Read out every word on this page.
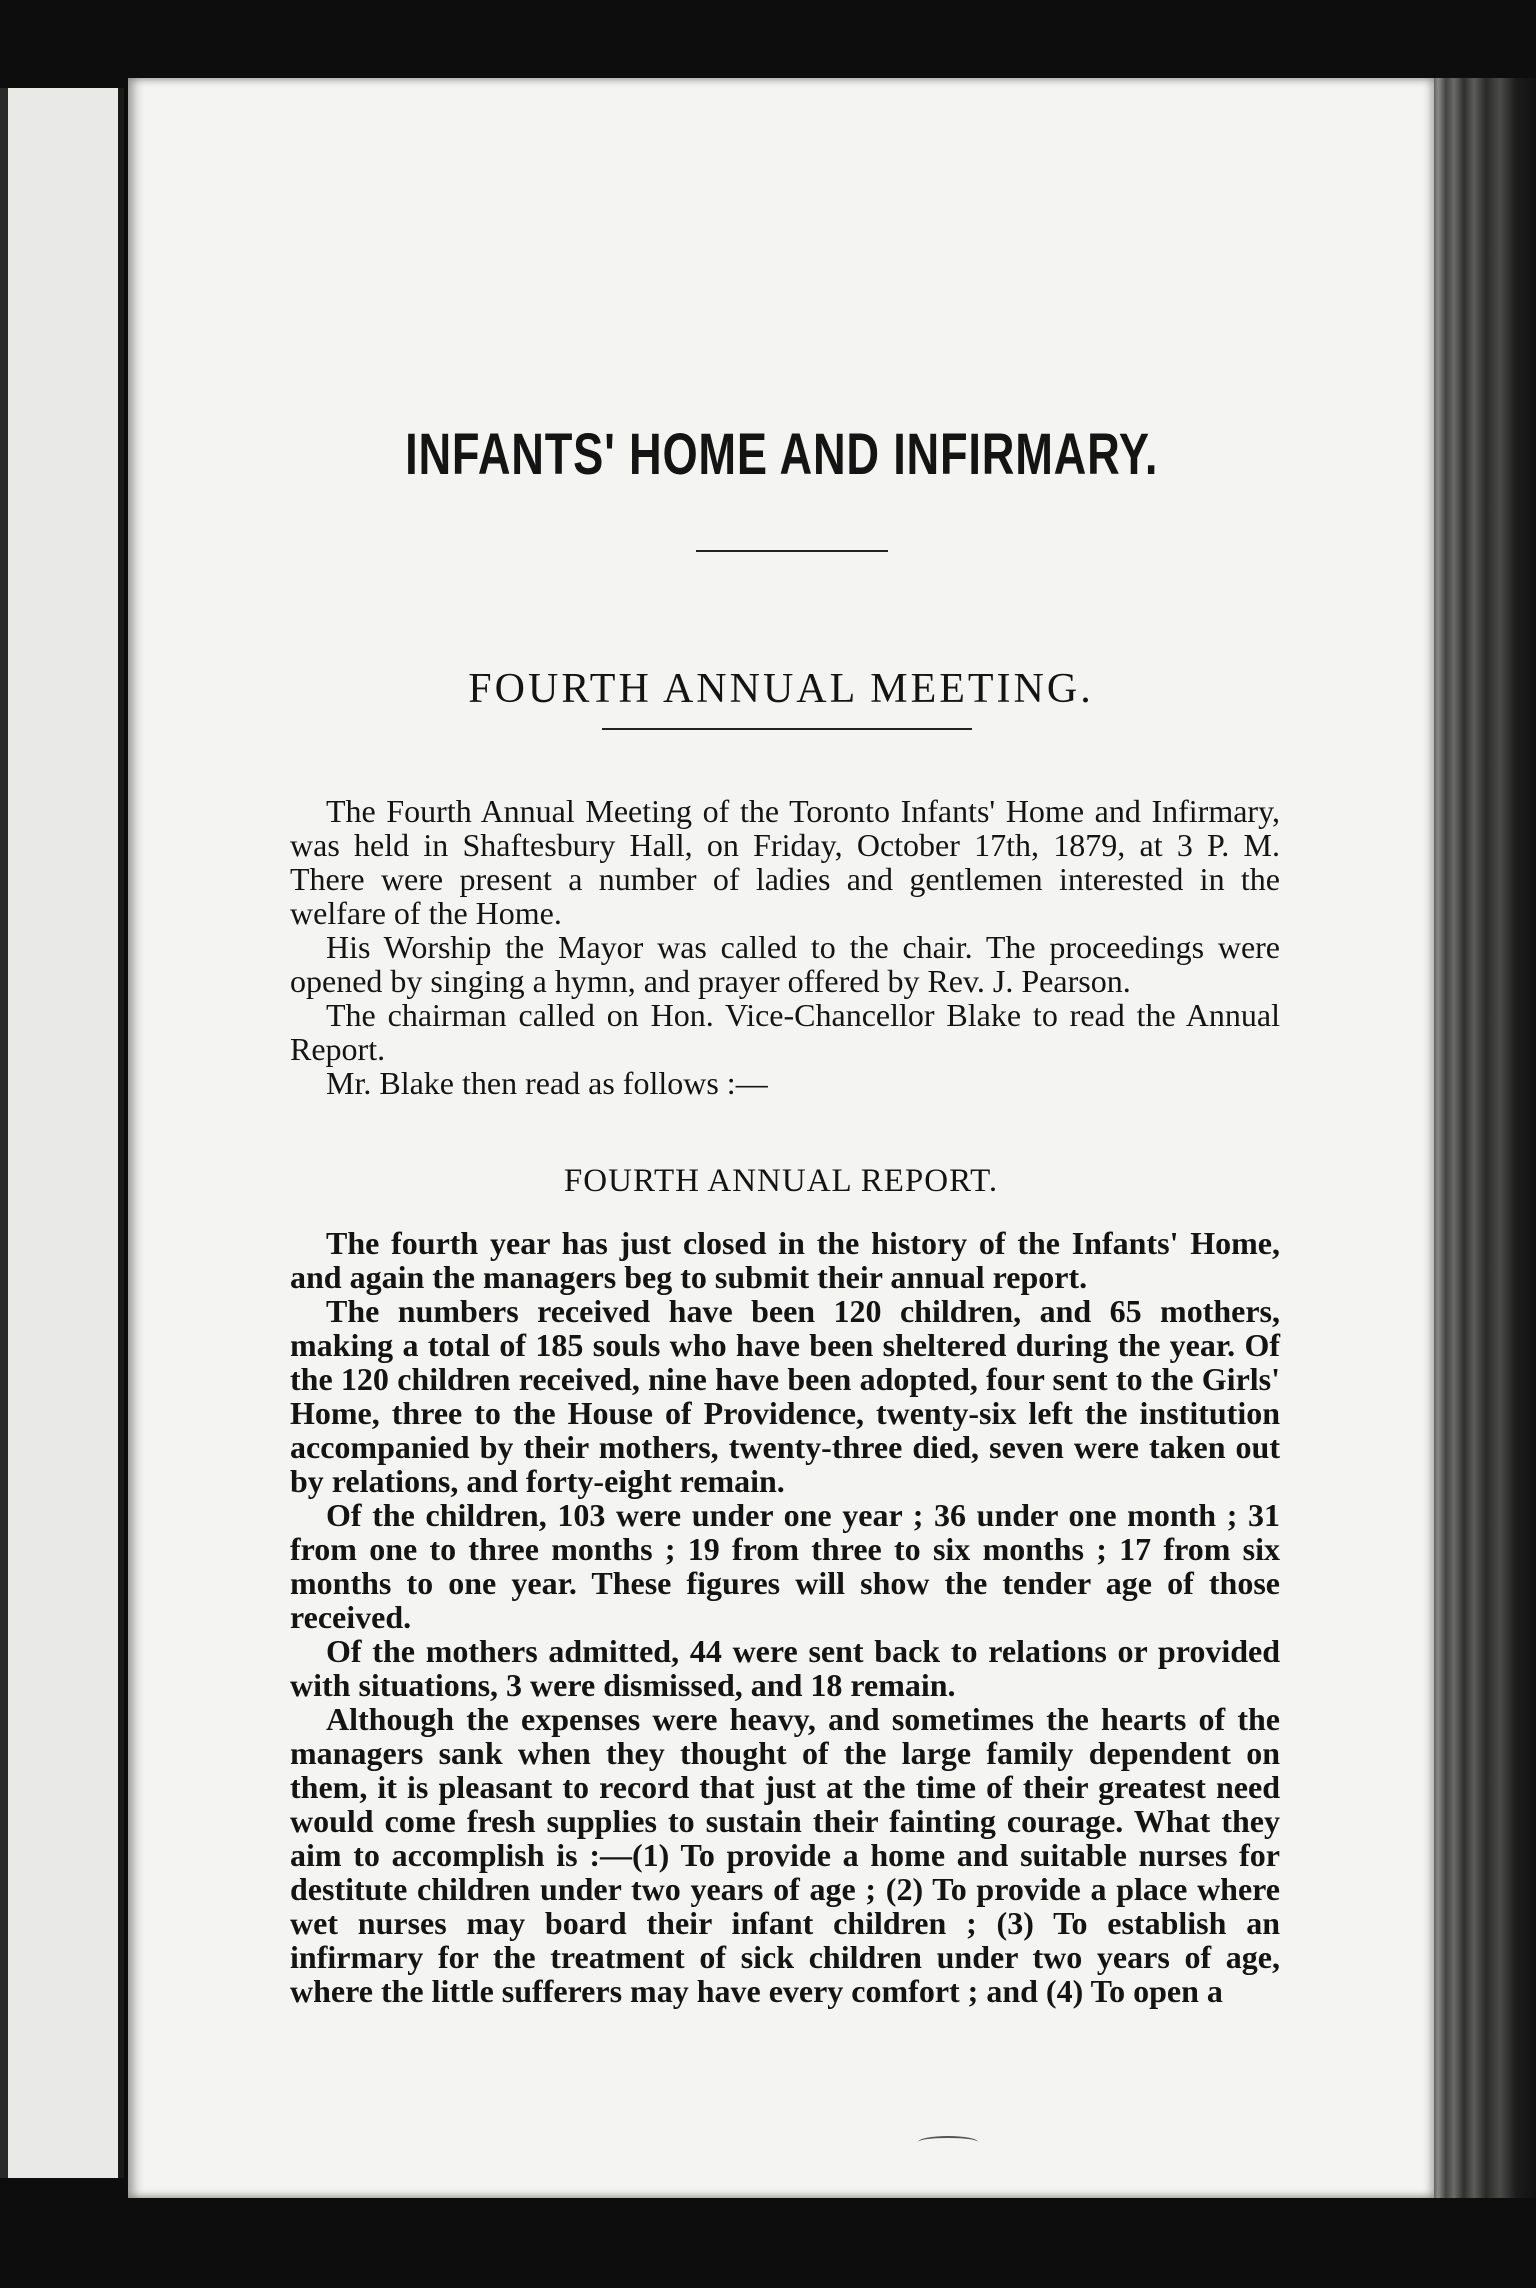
INFANTS' HOME AND INFIRMARY.
FOURTH ANNUAL MEETING.

The Fourth Annual Meeting of the Toronto Infants' Home and Infirmary, was held in Shaftesbury Hall, on Friday, October 17th, 1879, at 3 P. M. There were present a number of ladies and gentlemen interested in the welfare of the Home.

His Worship the Mayor was called to the chair. The proceedings were opened by singing a hymn, and prayer offered by Rev. J. Pearson.

The chairman called on Hon. Vice-Chancellor Blake to read the Annual Report.

Mr. Blake then read as follows :—

FOURTH ANNUAL REPORT.

The fourth year has just closed in the history of the Infants' Home, and again the managers beg to submit their annual report.

The numbers received have been 120 children, and 65 mothers, making a total of 185 souls who have been sheltered during the year. Of the 120 children received, nine have been adopted, four sent to the Girls' Home, three to the House of Providence, twenty-six left the institution accompanied by their mothers, twenty-three died, seven were taken out by relations, and forty-eight remain.

Of the children, 103 were under one year ; 36 under one month ; 31 from one to three months ; 19 from three to six months ; 17 from six months to one year. These figures will show the tender age of those received.

Of the mothers admitted, 44 were sent back to relations or provided with situations, 3 were dismissed, and 18 remain.

Although the expenses were heavy, and sometimes the hearts of the managers sank when they thought of the large family dependent on them, it is pleasant to record that just at the time of their greatest need would come fresh supplies to sustain their fainting courage. What they aim to accomplish is :—(1) To provide a home and suitable nurses for destitute children under two years of age ; (2) To provide a place where wet nurses may board their infant children ; (3) To establish an infirmary for the treatment of sick children under two years of age, where the little sufferers may have every comfort ; and (4) To open a
